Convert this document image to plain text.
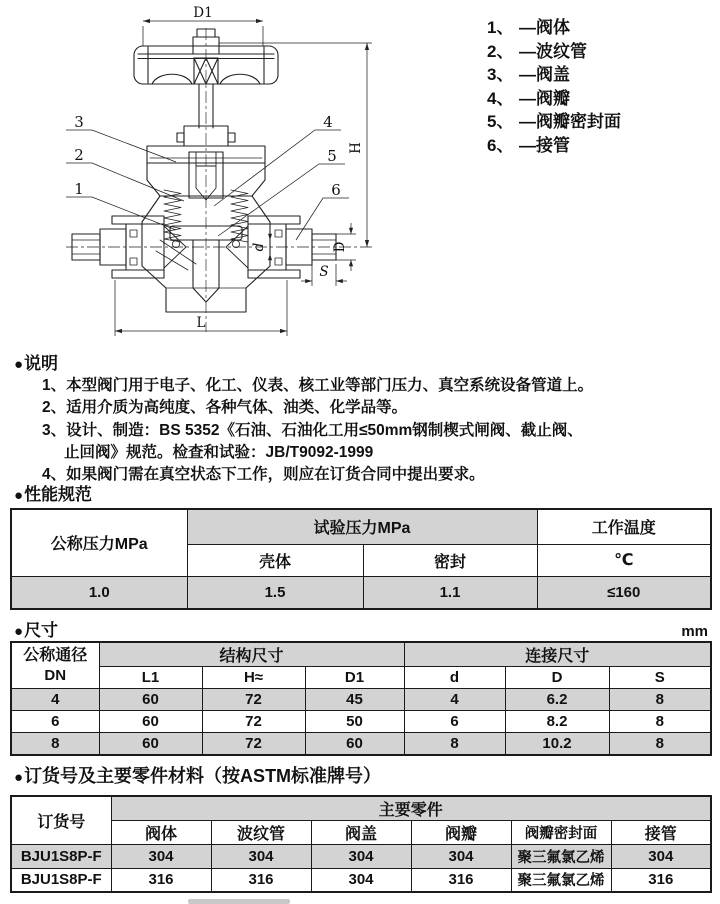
D1
H
d	D
S
L
3
2
1
4
5
6
1、 —阀体
2、 —波纹管
3、 —阀盖
4、 —阀瓣
5、 —阀瓣密封面
6、 —接管
●说明
1、本型阀门用于电子、化工、仪表、核工业等部门压力、真空系统设备管道上。
2、适用介质为高纯度、各种气体、油类、化学品等。
3、设计、制造：BS 5352《石油、石油化工用≤50mm钢制楔式闸阀、截止阀、
止回阀》规范。检查和试验：JB/T9092-1999
4、如果阀门需在真空状态下工作，则应在订货合同中提出要求。
●性能规范
公称压力MPa	试验压力MPa		工作温度
	壳体	密封	℃
1.0	1.5	1.1	≤160
●尺寸	mm
公称通径
DN	结构尺寸			连接尺寸		
	L1	H≈	D1	d	D	S
4	60	72	45	4	6.2	8
6	60	72	50	6	8.2	8
8	60	72	60	8	10.2	8
●订货号及主要零件材料（按ASTM标准牌号）
订货号	主要零件					
	阀体	波纹管	阀盖	阀瓣	阀瓣密封面	接管
BJU1S8P-F	304	304	304	304	聚三氟氯乙烯	304
BJU1S8P-F	316	316	304	316	聚三氟氯乙烯	316
